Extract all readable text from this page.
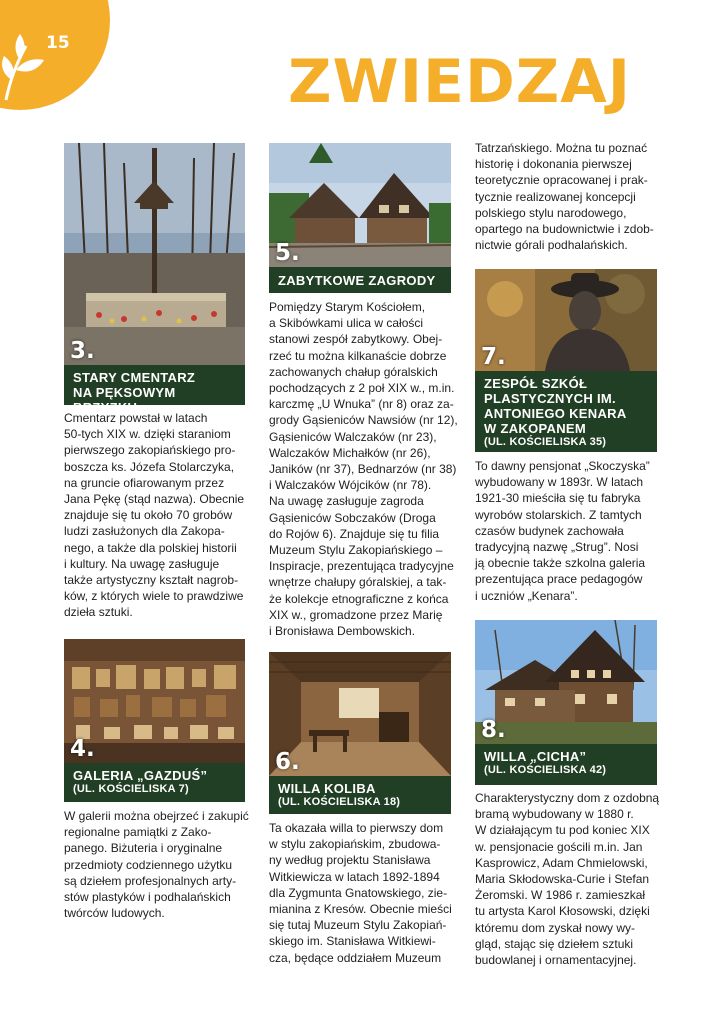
15
ZWIEDZAJ
3.
STARY CMENTARZ
NA PĘKSOWYM BRZYZKU
Cmentarz powstał w latach
50-tych XIX w. dzięki staraniom
pierwszego zakopiańskiego pro-
boszcza ks. Józefa Stolarczyka,
na gruncie ofiarowanym przez
Jana Pękę (stąd nazwa). Obecnie
znajduje się tu około 70 grobów
ludzi zasłużonych dla Zakopa-
nego, a także dla polskiej historii
i kultury. Na uwagę zasługuje
także artystyczny kształt nagrob-
ków, z których wiele to prawdziwe
dzieła sztuki.
5.
ZABYTKOWE ZAGRODY
Pomiędzy Starym Kościołem,
a Skibówkami ulica w całości
stanowi zespół zabytkowy. Obej-
rzeć tu można kilkanaście dobrze
zachowanych chałup góralskich
pochodzących z 2 poł XIX w., m.in.
karczmę „U Wnuka” (nr 8) oraz za-
grody Gąsieniców Nawsiów (nr 12),
Gąsieniców Walczaków (nr 23),
Walczaków Michałków (nr 26),
Janików (nr 37), Bednarzów (nr 38)
i Walczaków Wójcików (nr 78).
Na uwagę zasługuje zagroda
Gąsieniców Sobczaków (Droga
do Rojów 6). Znajduje się tu filia
Muzeum Stylu Zakopiańskiego –
Inspiracje, prezentująca tradycyjne
wnętrze chałupy góralskiej, a tak-
że kolekcje etnograficzne z końca
XIX w., gromadzone przez Marię
i Bronisława Dembowskich.
Tatrzańskiego. Można tu poznać
historię i dokonania pierwszej
teoretycznie opracowanej i prak-
tycznie realizowanej koncepcji
polskiego stylu narodowego,
opartego na budownictwie i zdob-
nictwie górali podhalańskich.
7.
ZESPÓŁ SZKÓŁ
PLASTYCZNYCH IM.
ANTONIEGO KENARA
W ZAKOPANEM
(UL. KOŚCIELISKA 35)
To dawny pensjonat „Skoczyska”
wybudowany w 1893r. W latach
1921-30 mieściła się tu fabryka
wyrobów stolarskich. Z tamtych
czasów budynek zachowała
tradycyjną nazwę „Strug”. Nosi
ją obecnie także szkolna galeria
prezentująca prace pedagogów
i uczniów „Kenara”.
4.
GALERIA „GAZDUŚ”
(UL. KOŚCIELISKA 7)
W galerii można obejrzeć i zakupić
regionalne pamiątki z Zako-
panego. Biżuteria i oryginalne
przedmioty codziennego użytku
są dziełem profesjonalnych arty-
stów plastyków i podhalańskich
twórców ludowych.
6.
WILLA KOLIBA
(UL. KOŚCIELISKA 18)
Ta okazała willa to pierwszy dom
w stylu zakopiańskim, zbudowa-
ny według projektu Stanisława
Witkiewicza w latach 1892-1894
dla Zygmunta Gnatowskiego, zie-
mianina z Kresów. Obecnie mieści
się tutaj Muzeum Stylu Zakopiań-
skiego im. Stanisława Witkiewi-
cza, będące oddziałem Muzeum
8.
WILLA „CICHA”
(UL. KOŚCIELISKA 42)
Charakterystyczny dom z ozdobną
bramą wybudowany w 1880 r.
W działającym tu pod koniec XIX
w. pensjonacie gościli m.in. Jan
Kasprowicz, Adam Chmielowski,
Maria Skłodowska-Curie i Stefan
Żeromski. W 1986 r. zamieszkał
tu artysta Karol Kłosowski, dzięki
któremu dom zyskał nowy wy-
gląd, stając się dziełem sztuki
budowlanej i ornamentacyjnej.
